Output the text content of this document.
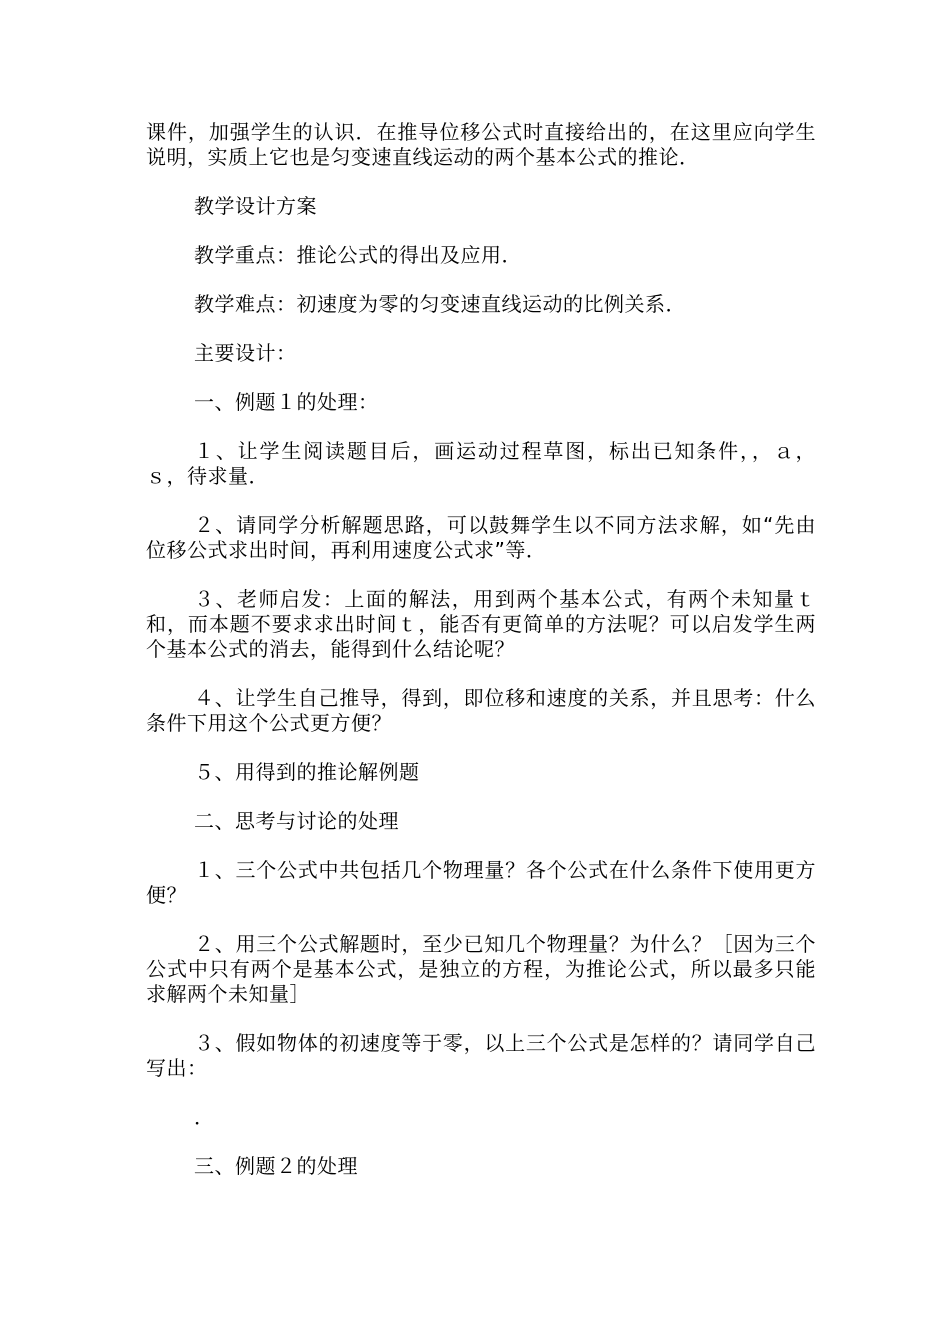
课件，加强学生的认识．在推导位移公式时直接给出的，在这里应向学生说明，实质上它也是匀变速直线运动的两个基本公式的推论．

教学设计方案

教学重点：推论公式的得出及应用．

教学难点：初速度为零的匀变速直线运动的比例关系．

主要设计：

一、例题１的处理：

１、让学生阅读题目后，画运动过程草图，标出已知条件，，ａ，ｓ，待求量．

２、请同学分析解题思路，可以鼓舞学生以不同方法求解，如“先由位移公式求出时间，再利用速度公式求”等．

３、老师启发：上面的解法，用到两个基本公式，有两个未知量ｔ和，而本题不要求求出时间ｔ，能否有更简单的方法呢？可以启发学生两个基本公式的消去，能得到什么结论呢？

４、让学生自己推导，得到，即位移和速度的关系，并且思考：什么条件下用这个公式更方便？

５、用得到的推论解例题

二、思考与讨论的处理

１、三个公式中共包括几个物理量？各个公式在什么条件下使用更方便？

２、用三个公式解题时，至少已知几个物理量？为什么？［因为三个公式中只有两个是基本公式，是独立的方程，为推论公式，所以最多只能求解两个未知量］

３、假如物体的初速度等于零，以上三个公式是怎样的？请同学自己写出：

．

三、例题２的处理
